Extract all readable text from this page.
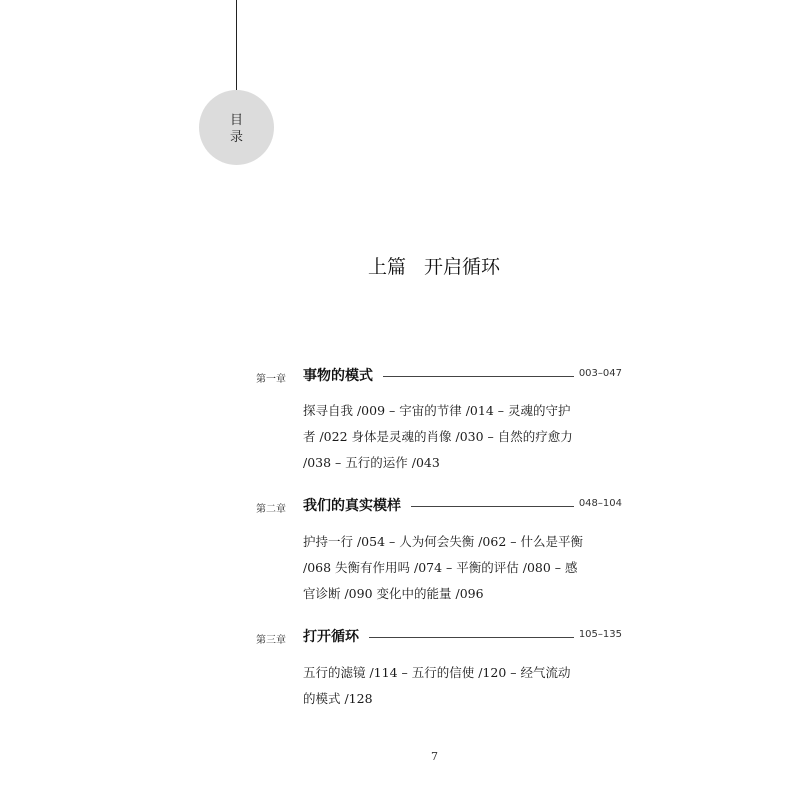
目
录
上篇 开启循环
第一章 事物的模式	003–047
探寻自我 /009 – 宇宙的节律 /014 – 灵魂的守护
者 /022 身体是灵魂的肖像 /030 – 自然的疗愈力
/038 – 五行的运作 /043
第二章 我们的真实模样	048–104
护持一行 /054 – 人为何会失衡 /062 – 什么是平衡
/068 失衡有作用吗 /074 – 平衡的评估 /080 – 感
官诊断 /090 变化中的能量 /096
第三章 打开循环	105–135
五行的滤镜 /114 – 五行的信使 /120 – 经气流动
的模式 /128
7
